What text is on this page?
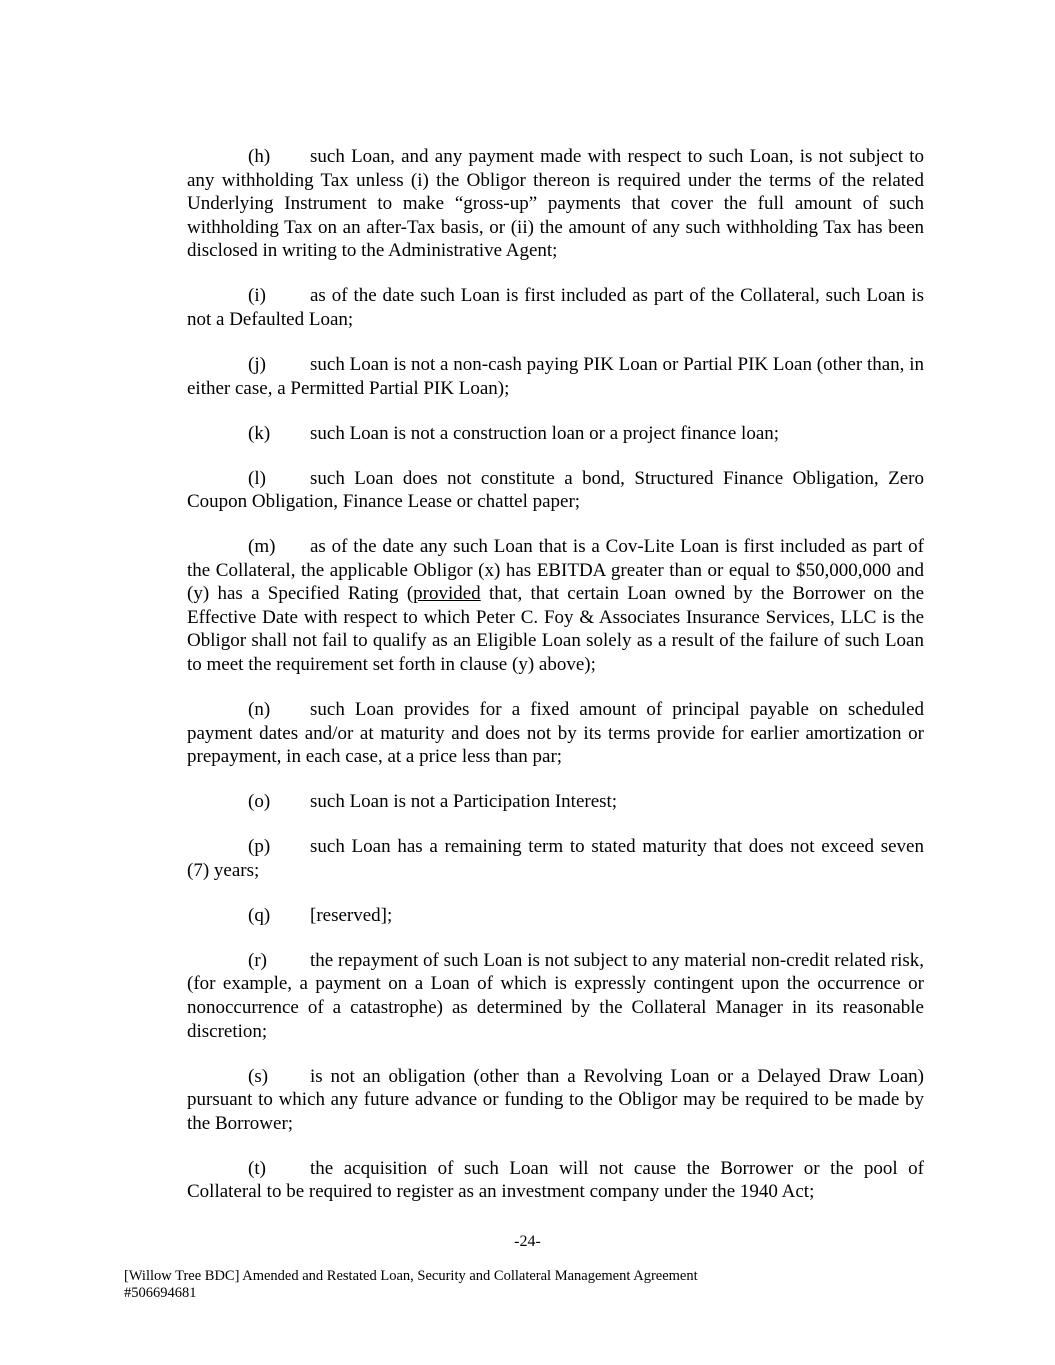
(h) such Loan, and any payment made with respect to such Loan, is not subject to any withholding Tax unless (i) the Obligor thereon is required under the terms of the related Underlying Instrument to make “gross-up” payments that cover the full amount of such withholding Tax on an after-Tax basis, or (ii) the amount of any such withholding Tax has been disclosed in writing to the Administrative Agent;

(i) as of the date such Loan is first included as part of the Collateral, such Loan is not a Defaulted Loan;

(j) such Loan is not a non-cash paying PIK Loan or Partial PIK Loan (other than, in either case, a Permitted Partial PIK Loan);

(k) such Loan is not a construction loan or a project finance loan;

(l) such Loan does not constitute a bond, Structured Finance Obligation, Zero Coupon Obligation, Finance Lease or chattel paper;

(m) as of the date any such Loan that is a Cov-Lite Loan is first included as part of the Collateral, the applicable Obligor (x) has EBITDA greater than or equal to $50,000,000 and (y) has a Specified Rating (provided that, that certain Loan owned by the Borrower on the Effective Date with respect to which Peter C. Foy & Associates Insurance Services, LLC is the Obligor shall not fail to qualify as an Eligible Loan solely as a result of the failure of such Loan to meet the requirement set forth in clause (y) above);

(n) such Loan provides for a fixed amount of principal payable on scheduled payment dates and/or at maturity and does not by its terms provide for earlier amortization or prepayment, in each case, at a price less than par;

(o) such Loan is not a Participation Interest;

(p) such Loan has a remaining term to stated maturity that does not exceed seven (7) years;

(q) [reserved];

(r) the repayment of such Loan is not subject to any material non-credit related risk, (for example, a payment on a Loan of which is expressly contingent upon the occurrence or nonoccurrence of a catastrophe) as determined by the Collateral Manager in its reasonable discretion;

(s) is not an obligation (other than a Revolving Loan or a Delayed Draw Loan) pursuant to which any future advance or funding to the Obligor may be required to be made by the Borrower;

(t) the acquisition of such Loan will not cause the Borrower or the pool of Collateral to be required to register as an investment company under the 1940 Act;

-24-
[Willow Tree BDC] Amended and Restated Loan, Security and Collateral Management Agreement
#506694681
